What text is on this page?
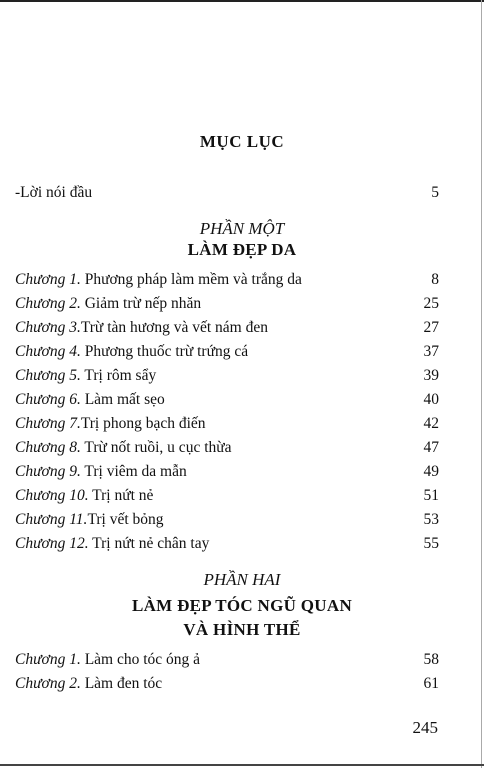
MỤC LỤC
-Lời nói đầu	5
PHẦN MỘT
LÀM ĐẸP DA
Chương 1. Phương pháp làm mềm và trắng da	8
Chương 2. Giảm trừ nếp nhăn	25
Chương 3.Trừ tàn hương và vết nám đen	27
Chương 4. Phương thuốc trừ trứng cá	37
Chương 5. Trị rôm sẩy	39
Chương 6. Làm mất sẹo	40
Chương 7.Trị phong bạch điến	42
Chương 8. Trừ nốt ruồi, u cục thừa	47
Chương 9. Trị viêm da mẫn	49
Chương 10. Trị nứt nẻ	51
Chương 11.Trị vết bỏng	53
Chương 12. Trị nứt nẻ chân tay	55
PHẦN HAI
LÀM ĐẸP TÓC NGŨ QUAN
VÀ HÌNH THỂ
Chương 1. Làm cho tóc óng ả	58
Chương 2. Làm đen tóc	61
245
